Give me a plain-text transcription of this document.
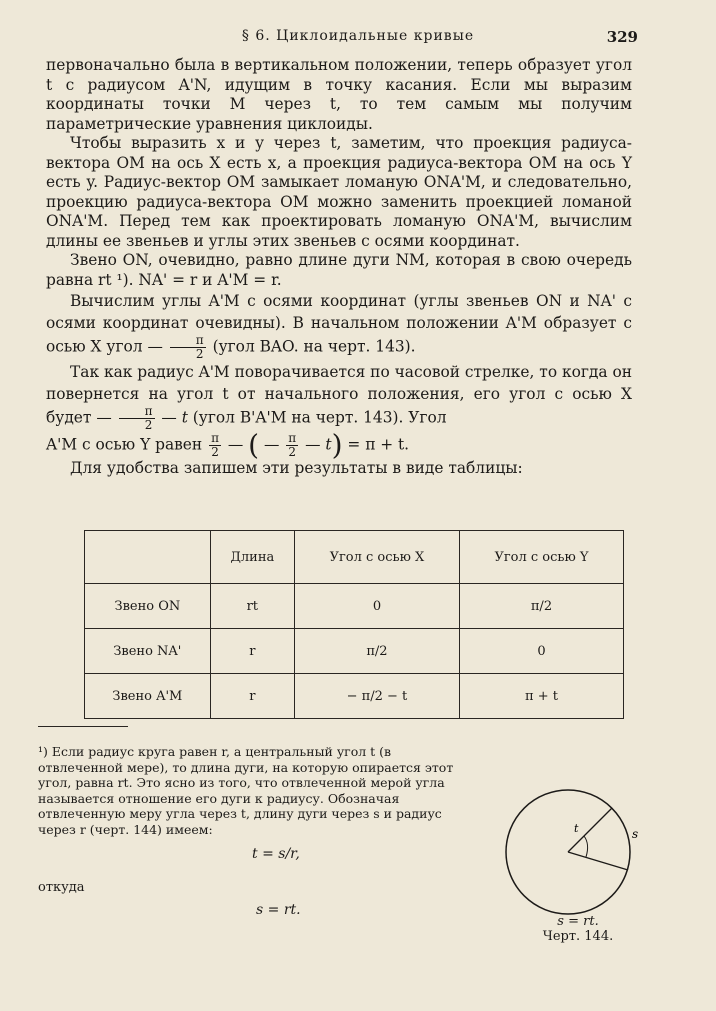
§ 6. Циклоидальные кривые	329

первоначально была в вертикальном положении, теперь образует угол t с радиусом A'N, идущим в точку касания. Если мы выразим координаты точки M через t, то тем самым мы получим параметрические уравнения циклоиды.

Чтобы выразить x и y через t, заметим, что проекция радиуса-вектора OM на ось X есть x, а проекция радиуса-вектора OM на ось Y есть y. Радиус-вектор OM замыкает ломаную ONA'M, и следовательно, проекцию радиуса-вектора OM можно заменить проекцией ломаной ONA'M. Перед тем как проектировать ломаную ONA'M, вычислим длины ее звеньев и углы этих звеньев с осями координат.

Звено ON, очевидно, равно длине дуги NM, которая в свою очередь равна rt ¹). NA' = r и A'M = r.

Вычислим углы A'M с осями координат (углы звеньев ON и NA' с осями координат очевидны). В начальном положении A'M образует с осью X угол — $\frac{\pi}{2}$ (угол BAO. на черт. 143).

Так как радиус A'M поворачивается по часовой стрелке, то когда он повернется на угол t от начального положения, его угол с осью X будет — $\frac{\pi}{2}$ — t (угол B'A'M на черт. 143). Угол

A'M с осью Y равен $\frac{\pi}{2}$ — ( — $\frac{\pi}{2}$ — t) = π + t.

Для удобства запишем эти результаты в виде таблицы:

	Длина	Угол с осью X	Угол с осью Y
Звено ON	rt	0	π/2
Звено NA'	r	π/2	0
Звено A'M	r	− π/2 − t	π + t

¹) Если радиус круга равен r, а центральный угол t (в отвлеченной мере), то длина дуги, на которую опирается этот угол, равна rt. Это ясно из того, что отвлеченной мерой угла называется отношение его дуги к радиусу. Обозначая отвлеченную меру угла через t, длину дуги через s и радиус через r (черт. 144) имеем:

t = s/r,
откуда
s = rt.
t	s
s = rt.
Черт. 144.
